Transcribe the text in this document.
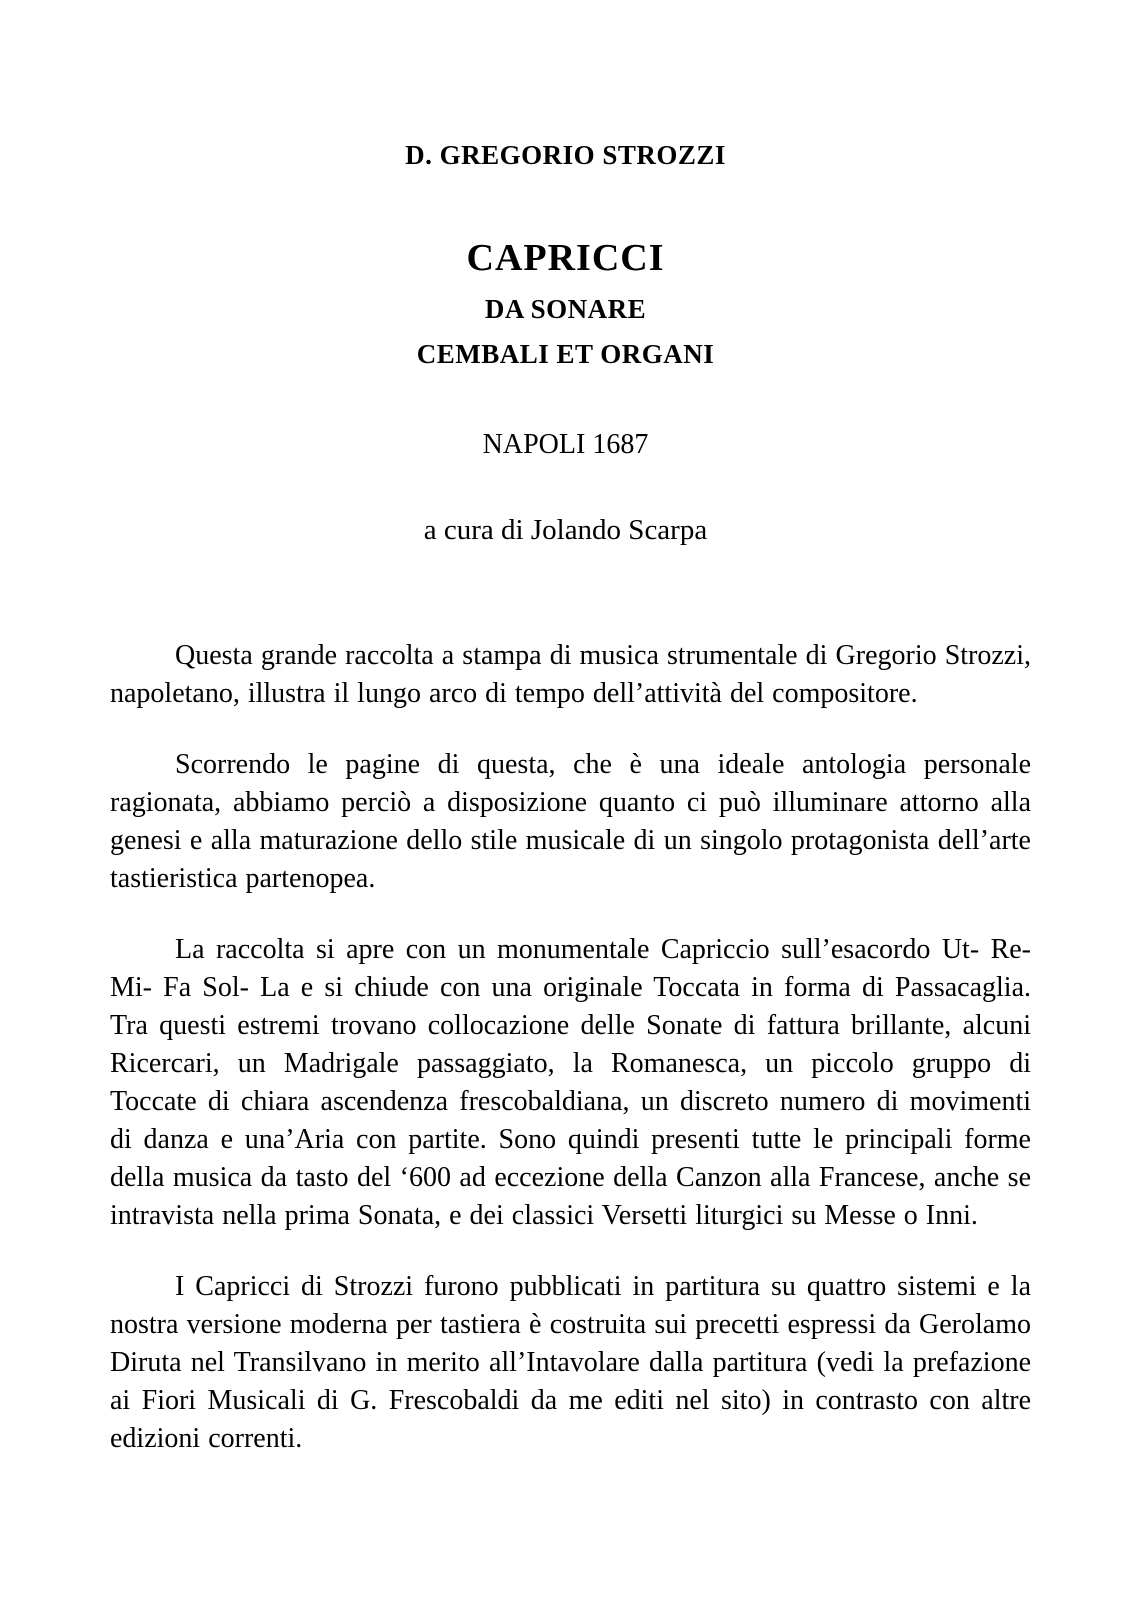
D. GREGORIO STROZZI
CAPRICCI
DA SONARE
CEMBALI ET ORGANI
NAPOLI 1687
a cura di Jolando Scarpa

Questa grande raccolta a stampa di musica strumentale di Gregorio Strozzi, napoletano, illustra il lungo arco di tempo dell’attività del compositore.

Scorrendo le pagine di questa, che è una ideale antologia personale ragionata, abbiamo perciò a disposizione quanto ci può illuminare attorno alla genesi e alla maturazione dello stile musicale di un singolo protagonista dell’arte tastieristica partenopea.

La raccolta si apre con un monumentale Capriccio sull’esacordo Ut- Re- Mi- Fa Sol- La e si chiude con una originale Toccata in forma di Passacaglia. Tra questi estremi trovano collocazione delle Sonate di fattura brillante, alcuni Ricercari, un Madrigale passaggiato, la Romanesca, un piccolo gruppo di Toccate di chiara ascendenza frescobaldiana, un discreto numero di movimenti di danza e una’Aria con partite. Sono quindi presenti tutte le principali forme della musica da tasto del ‘600 ad eccezione della Canzon alla Francese, anche se intravista nella prima Sonata, e dei classici Versetti liturgici su Messe o Inni.

I Capricci di Strozzi furono pubblicati in partitura su quattro sistemi e la nostra versione moderna per tastiera è costruita sui precetti espressi da Gerolamo Diruta nel Transilvano in merito all’Intavolare dalla partitura (vedi la prefazione ai Fiori Musicali di G. Frescobaldi da me editi nel sito) in contrasto con altre edizioni correnti.
